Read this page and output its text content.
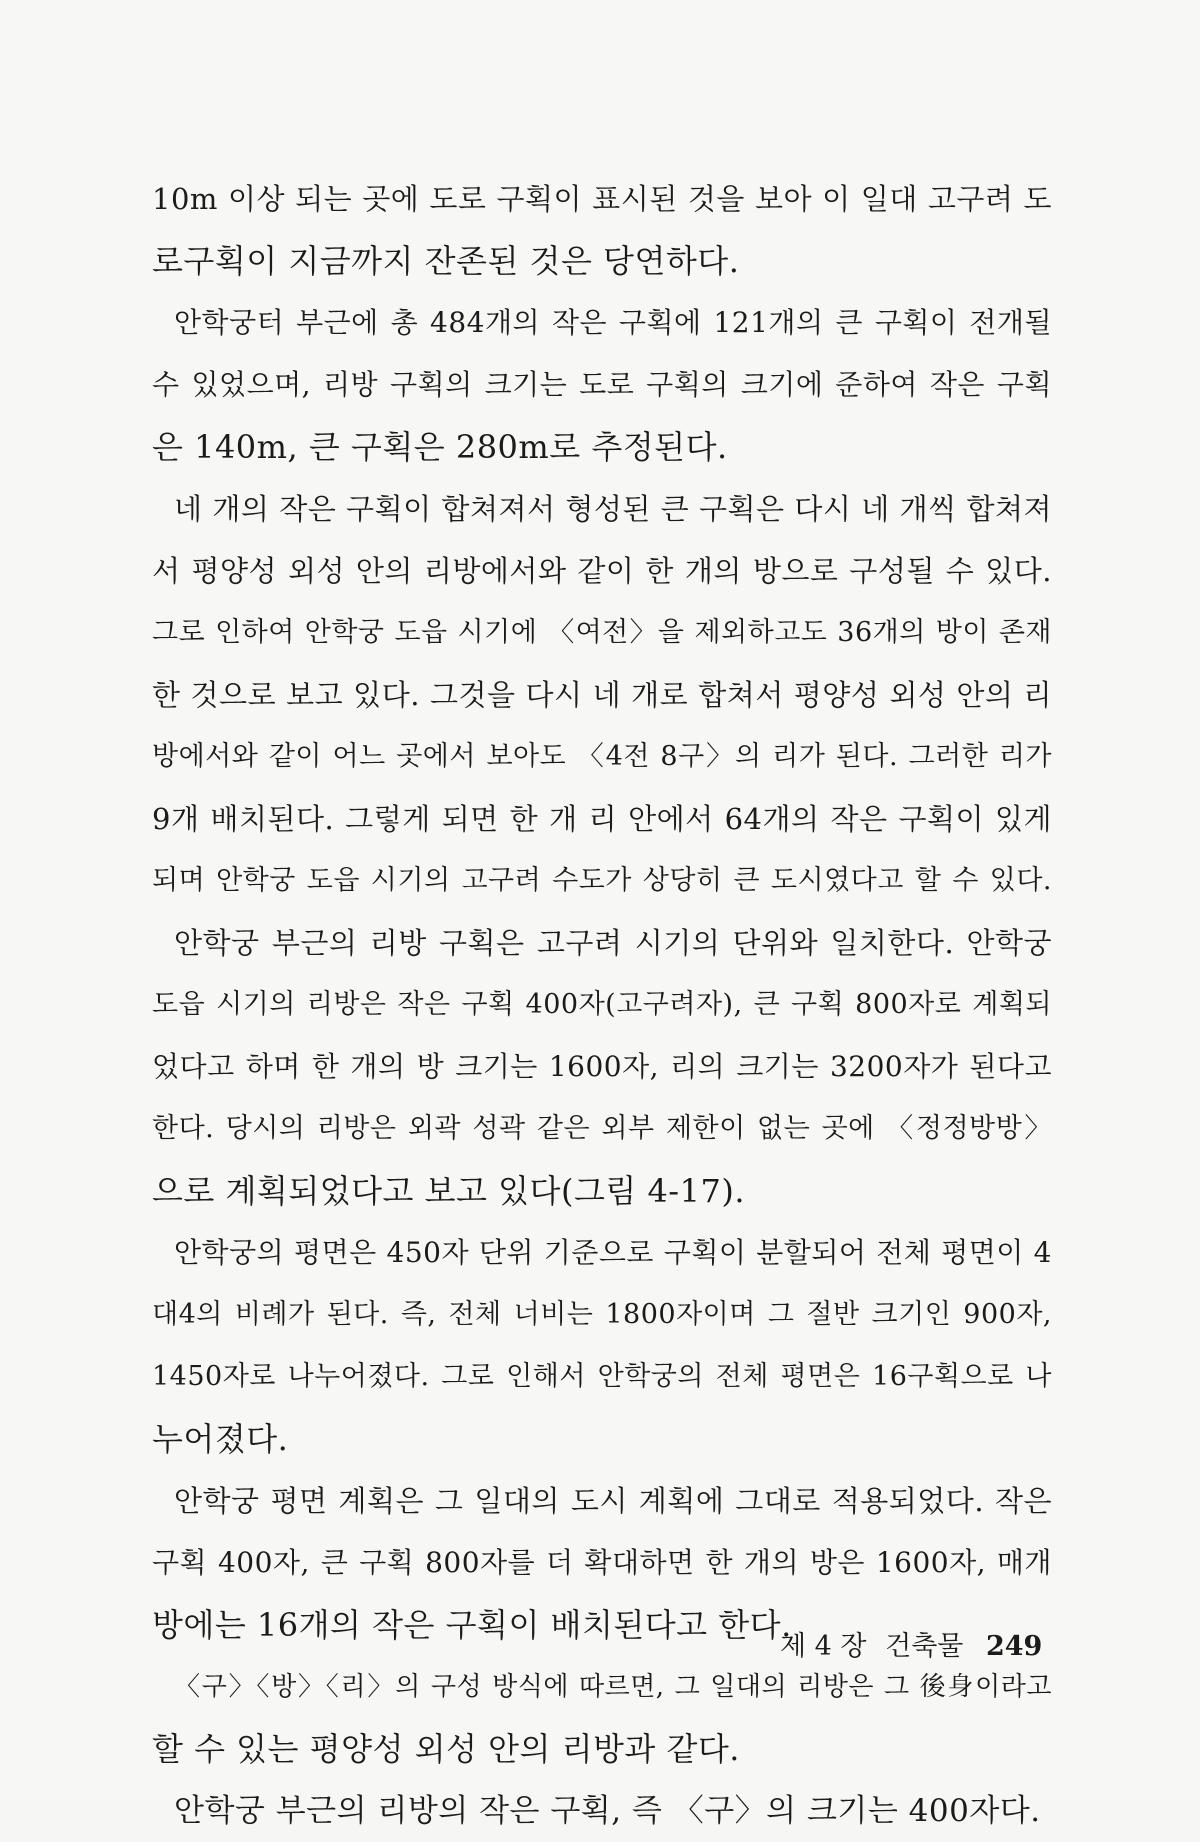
10m 이상 되는 곳에 도로 구획이 표시된 것을 보아 이 일대 고구려 도
로구획이 지금까지 잔존된 것은 당연하다.
안학궁터 부근에 총 484개의 작은 구획에 121개의 큰 구획이 전개될
수 있었으며, 리방 구획의 크기는 도로 구획의 크기에 준하여 작은 구획
은 140m, 큰 구획은 280m로 추정된다.
네 개의 작은 구획이 합쳐져서 형성된 큰 구획은 다시 네 개씩 합쳐져
서 평양성 외성 안의 리방에서와 같이 한 개의 방으로 구성될 수 있다.
그로 인하여 안학궁 도읍 시기에 〈여전〉을 제외하고도 36개의 방이 존재
한 것으로 보고 있다. 그것을 다시 네 개로 합쳐서 평양성 외성 안의 리
방에서와 같이 어느 곳에서 보아도 〈4전 8구〉의 리가 된다. 그러한 리가
9개 배치된다. 그렇게 되면 한 개 리 안에서 64개의 작은 구획이 있게
되며 안학궁 도읍 시기의 고구려 수도가 상당히 큰 도시였다고 할 수 있다.
안학궁 부근의 리방 구획은 고구려 시기의 단위와 일치한다. 안학궁
도읍 시기의 리방은 작은 구획 400자(고구려자), 큰 구획 800자로 계획되
었다고 하며 한 개의 방 크기는 1600자, 리의 크기는 3200자가 된다고
한다. 당시의 리방은 외곽 성곽 같은 외부 제한이 없는 곳에 〈정정방방〉
으로 계획되었다고 보고 있다(그림 4-17).
안학궁의 평면은 450자 단위 기준으로 구획이 분할되어 전체 평면이 4
대4의 비례가 된다. 즉, 전체 너비는 1800자이며 그 절반 크기인 900자,
1450자로 나누어졌다. 그로 인해서 안학궁의 전체 평면은 16구획으로 나
누어졌다.
안학궁 평면 계획은 그 일대의 도시 계획에 그대로 적용되었다. 작은
구획 400자, 큰 구획 800자를 더 확대하면 한 개의 방은 1600자, 매개
방에는 16개의 작은 구획이 배치된다고 한다.
〈구〉〈방〉〈리〉의 구성 방식에 따르면, 그 일대의 리방은 그 後身이라고
할 수 있는 평양성 외성 안의 리방과 같다.
안학궁 부근의 리방의 작은 구획, 즉 〈구〉의 크기는 400자다.
제 4 장 건축물 249
